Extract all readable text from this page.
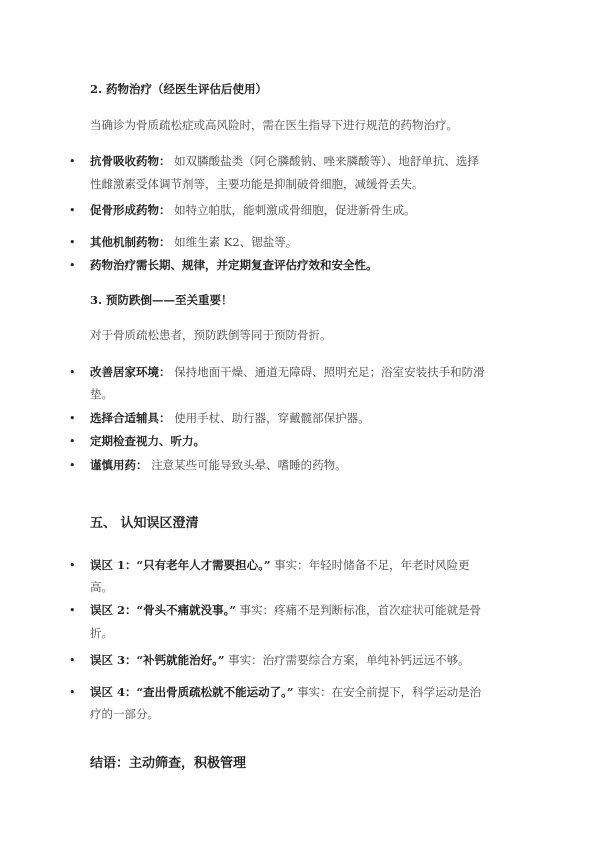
2. 药物治疗（经医生评估后使用）
当确诊为骨质疏松症或高风险时，需在医生指导下进行规范的药物治疗。
• 抗骨吸收药物： 如双膦酸盐类（阿仑膦酸钠、唑来膦酸等）、地舒单抗、选择
性雌激素受体调节剂等，主要功能是抑制破骨细胞，减缓骨丢失。
• 促骨形成药物： 如特立帕肽，能刺激成骨细胞，促进新骨生成。
• 其他机制药物： 如维生素 K2、锶盐等。
• 药物治疗需长期、规律，并定期复查评估疗效和安全性。
3. 预防跌倒——至关重要！
对于骨质疏松患者，预防跌倒等同于预防骨折。
• 改善居家环境： 保持地面干燥、通道无障碍、照明充足；浴室安装扶手和防滑
垫。
• 选择合适辅具： 使用手杖、助行器，穿戴髋部保护器。
• 定期检查视力、听力。
• 谨慎用药： 注意某些可能导致头晕、嗜睡的药物。
五、 认知误区澄清
• 误区 1：“只有老年人才需要担心。” 事实：年轻时储备不足，年老时风险更
高。
• 误区 2：“骨头不痛就没事。” 事实：疼痛不是判断标准，首次症状可能就是骨
折。
• 误区 3：“补钙就能治好。” 事实：治疗需要综合方案，单纯补钙远远不够。
• 误区 4：“查出骨质疏松就不能运动了。” 事实：在安全前提下，科学运动是治
疗的一部分。
结语：主动筛查，积极管理
